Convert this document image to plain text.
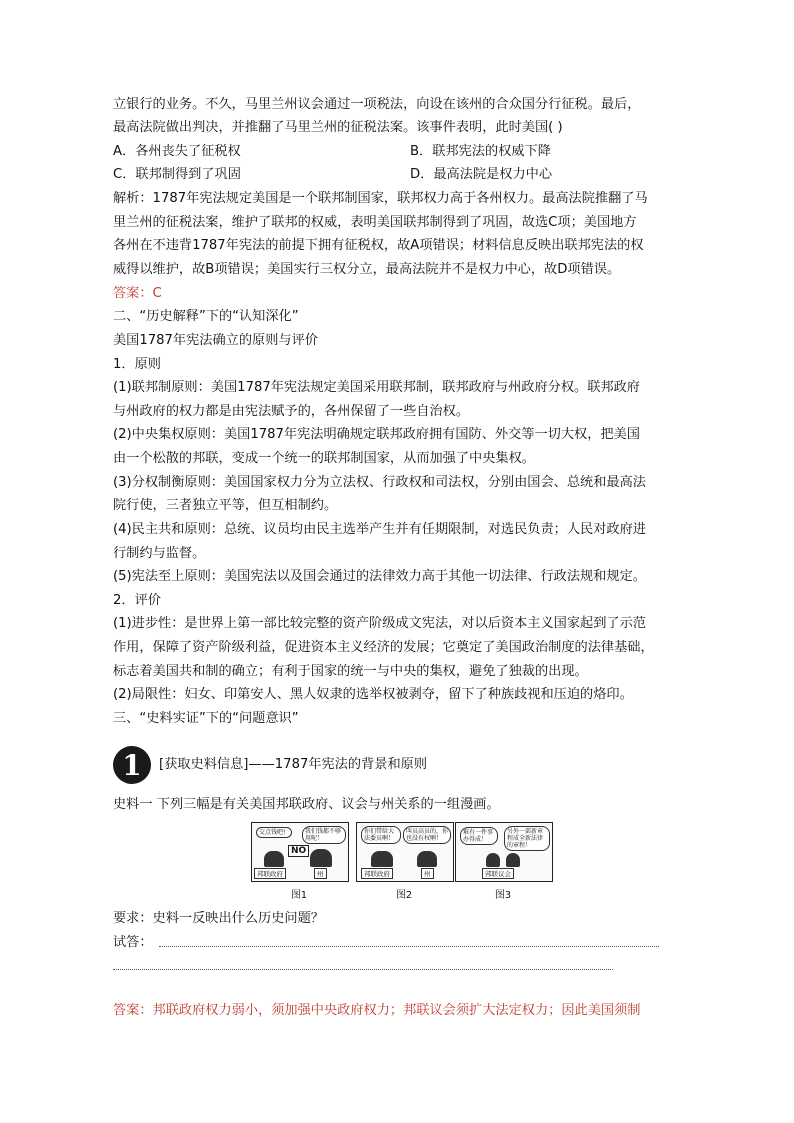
立银行的业务。不久，马里兰州议会通过一项税法，向设在该州的合众国分行征税。最后，
最高法院做出判决，并推翻了马里兰州的征税法案。该事件表明，此时美国( )
A．各州丧失了征税权	B．联邦宪法的权威下降
C．联邦制得到了巩固	D．最高法院是权力中心
解析：1787年宪法规定美国是一个联邦制国家，联邦权力高于各州权力。最高法院推翻了马
里兰州的征税法案，维护了联邦的权威，表明美国联邦制得到了巩固，故选C项；美国地方
各州在不违背1787年宪法的前提下拥有征税权，故A项错误；材料信息反映出联邦宪法的权
威得以维护，故B项错误；美国实行三权分立，最高法院并不是权力中心，故D项错误。
答案：C
二、“历史解释”下的“认知深化”
美国1787年宪法确立的原则与评价
1．原则
(1)联邦制原则：美国1787年宪法规定美国采用联邦制，联邦政府与州政府分权。联邦政府
与州政府的权力都是由宪法赋予的，各州保留了一些自治权。
(2)中央集权原则：美国1787年宪法明确规定联邦政府拥有国防、外交等一切大权，把美国
由一个松散的邦联，变成一个统一的联邦制国家，从而加强了中央集权。
(3)分权制衡原则：美国国家权力分为立法权、行政权和司法权，分别由国会、总统和最高法
院行使，三者独立平等，但互相制约。
(4)民主共和原则：总统、议员均由民主选举产生并有任期限制，对选民负责；人民对政府进
行制约与监督。
(5)宪法至上原则：美国宪法以及国会通过的法律效力高于其他一切法律、行政法规和规定。
2．评价
(1)进步性：是世界上第一部比较完整的资产阶级成文宪法，对以后资本主义国家起到了示范
作用，保障了资产阶级利益，促进资本主义经济的发展；它奠定了美国政治制度的法律基础，
标志着美国共和制的确立；有利于国家的统一与中央的集权，避免了独裁的出现。
(2)局限性：妇女、印第安人、黑人奴隶的选举权被剥夺，留下了种族歧视和压迫的烙印。
三、“史料实证”下的“问题意识”
1	[获取史料信息]——1787年宪法的背景和原则
史料一 下列三幅是有关美国邦联政府、议会与州关系的一组漫画。
交点钱吧!	我们钱都不够用呢！
NO
邦联政府	州
图1
你们带给大法委员啊！
叫员高员的，你也没有权啊！
邦联政府	州
图2
难有一件事办得成！
另外一部新章程成全新法律的章程！
邦联议会
图3
要求：史料一反映出什么历史问题？
试答：
答案：邦联政府权力弱小，须加强中央政府权力；邦联议会须扩大法定权力；因此美国须制
